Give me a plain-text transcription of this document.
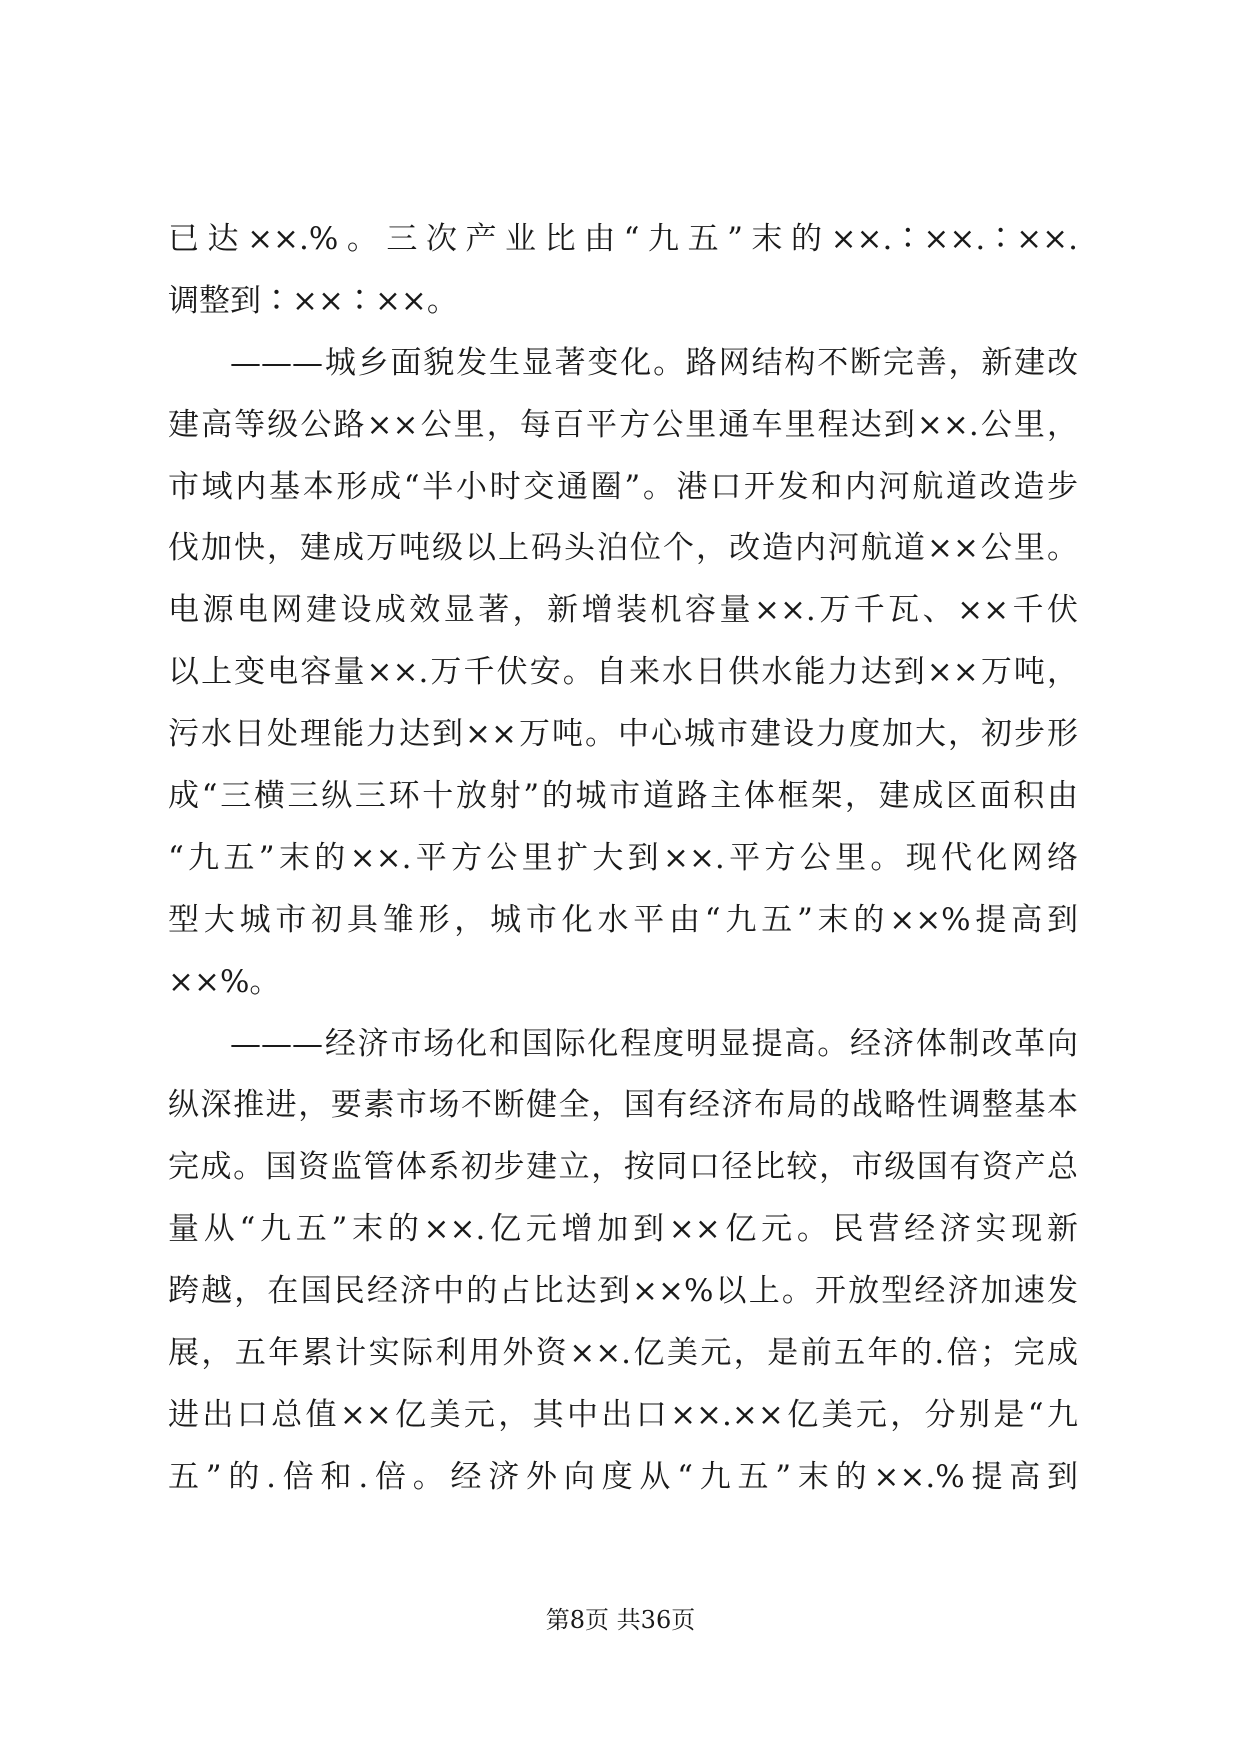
已达××.%。三次产业比由“九五”末的××.∶××.∶××.
调整到∶××∶××。
———城乡面貌发生显著变化。路网结构不断完善，新建改
建高等级公路××公里，每百平方公里通车里程达到××.公里，
市域内基本形成“半小时交通圈”。港口开发和内河航道改造步
伐加快，建成万吨级以上码头泊位个，改造内河航道××公里。
电源电网建设成效显著，新增装机容量××.万千瓦、××千伏
以上变电容量××.万千伏安。自来水日供水能力达到××万吨，
污水日处理能力达到××万吨。中心城市建设力度加大，初步形
成“三横三纵三环十放射”的城市道路主体框架，建成区面积由
“九五”末的××.平方公里扩大到××.平方公里。现代化网络
型大城市初具雏形，城市化水平由“九五”末的××%提高到
××%。
———经济市场化和国际化程度明显提高。经济体制改革向
纵深推进，要素市场不断健全，国有经济布局的战略性调整基本
完成。国资监管体系初步建立，按同口径比较，市级国有资产总
量从“九五”末的××.亿元增加到××亿元。民营经济实现新
跨越，在国民经济中的占比达到××%以上。开放型经济加速发
展，五年累计实际利用外资××.亿美元，是前五年的.倍；完成
进出口总值××亿美元，其中出口××.××亿美元，分别是“九
五”的.倍和.倍。经济外向度从“九五”末的××.%提高到
第8页 共36页
